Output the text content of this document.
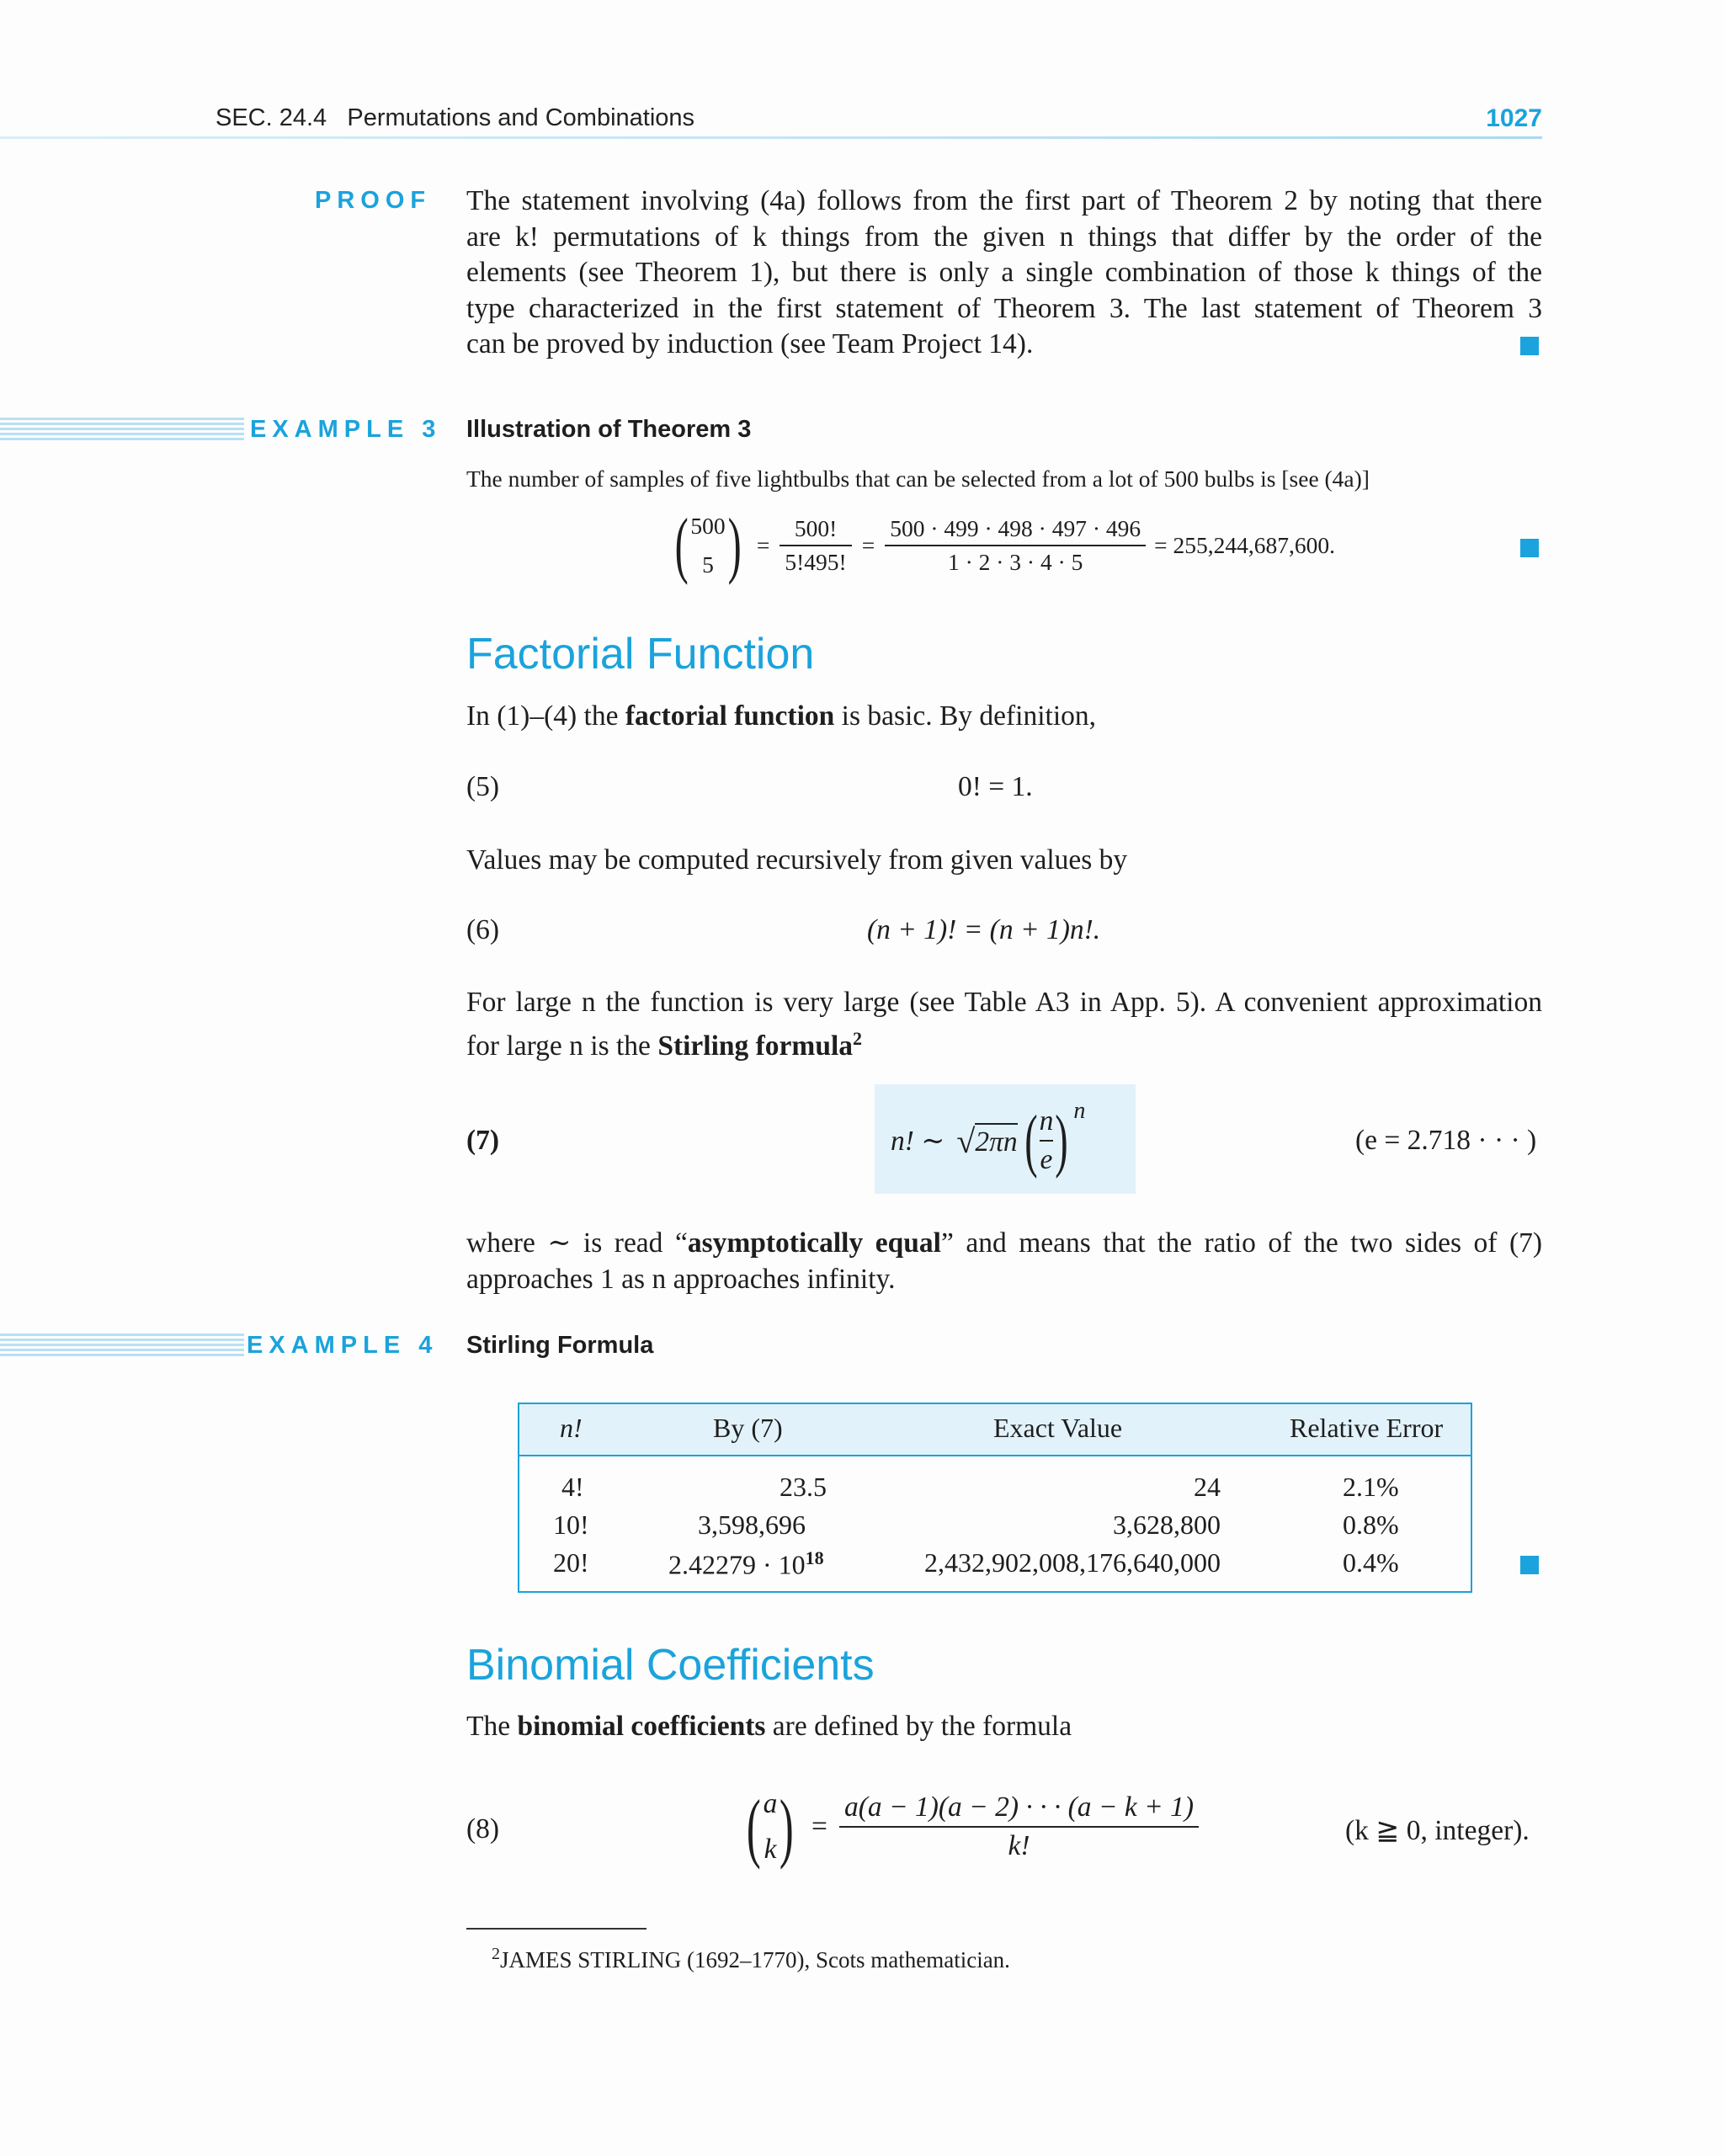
SEC. 24.4   Permutations and Combinations	1027
PROOF The statement involving (4a) follows from the first part of Theorem 2 by noting that there
are k! permutations of k things from the given n things that differ by the order of the
elements (see Theorem 1), but there is only a single combination of those k things of the
type characterized in the first statement of Theorem 3. The last statement of Theorem 3
can be proved by induction (see Team Project 14).
EXAMPLE 3 Illustration of Theorem 3
The number of samples of five lightbulbs that can be selected from a lot of 500 bulbs is [see (4a)]
( 500
5 ) = $\frac{500!}{5!495!} = \frac{500 \cdot 499 \cdot 498 \cdot 497 \cdot 496}{1 \cdot 2 \cdot 3 \cdot 4 \cdot 5} = 255,244,687,600$.
Factorial Function
In (1)–(4) the factorial function is basic. By definition,
(5)	0! = 1.
Values may be computed recursively from given values by
(6)	(n + 1)! = (n + 1)n!.
For large n the function is very large (see Table A3 in App. 5). A convenient approximation
for large n is the Stirling formula$^2$
(7)	n! ∼ √ 2πn ( $\frac{n}{e}$ ) n
(e = 2.718 · · · )
where ∼ is read “asymptotically equal” and means that the ratio of the two sides of (7)
approaches 1 as n approaches infinity.
EXAMPLE 4 Stirling Formula
n!	By (7)	Exact Value	Relative Error
4!	23.5	24	2.1%
10!	3,598,696	3,628,800	0.8%
20!	$2.42279 \cdot 10^{18}$	2,432,902,008,176,640,000	0.4%
Binomial Coefficients
The binomial coefficients are defined by the formula
(8)	( a
k ) = $\frac{a(a - 1)(a - 2) \cdot \cdot \cdot (a - k + 1)}{k!}$	(k ≧ 0, integer).
$^2$JAMES STIRLING (1692–1770), Scots mathematician.
